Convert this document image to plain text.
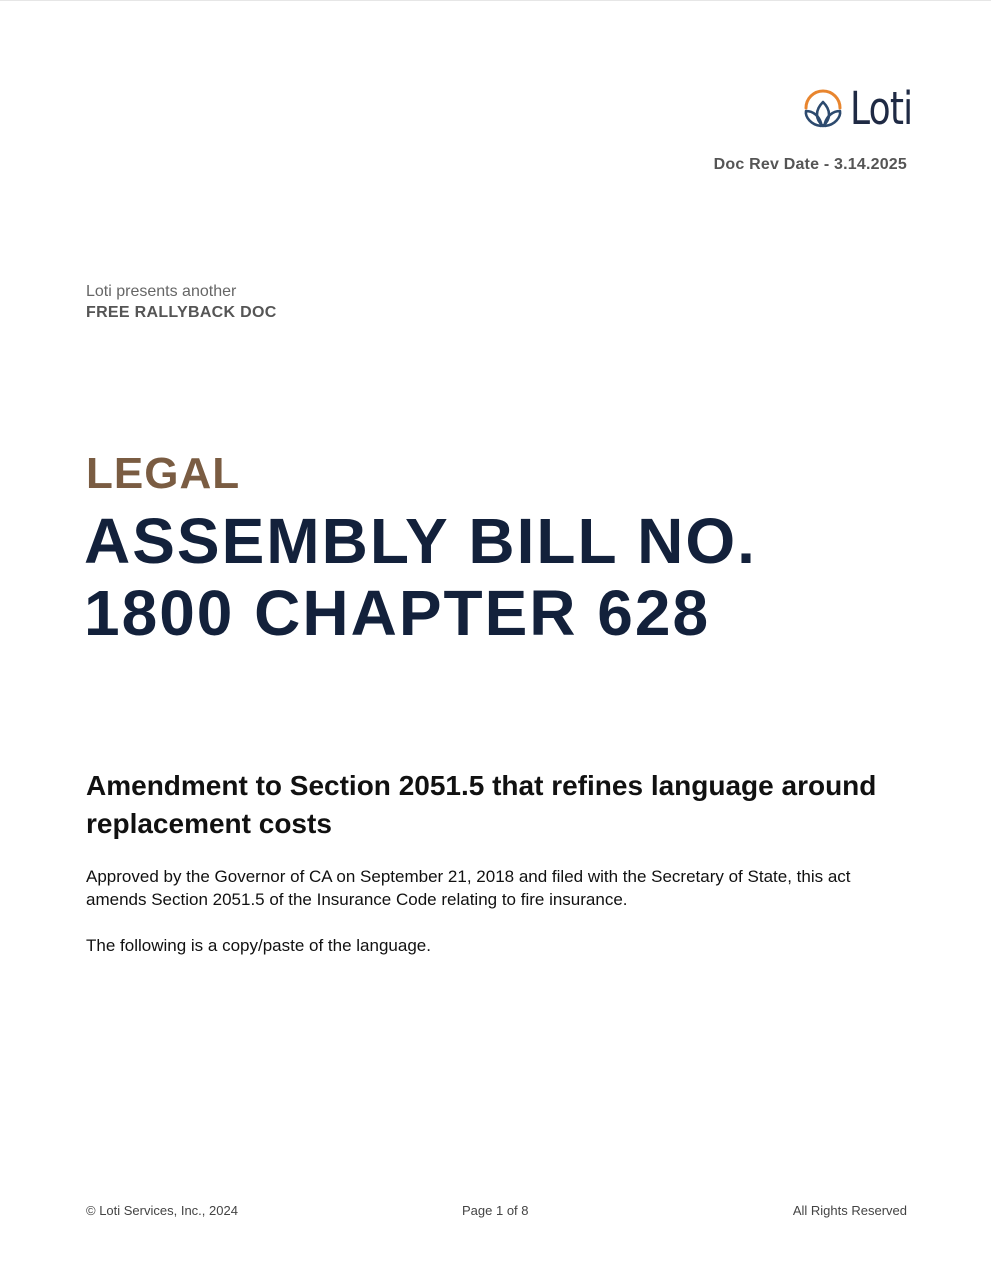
Loti
Doc Rev Date - 3.14.2025
Loti presents another
FREE RALLYBACK DOC
LEGAL
ASSEMBLY BILL NO. 1800 CHAPTER 628
Amendment to Section 2051.5 that refines language around replacement costs
Approved by the Governor of CA on September 21, 2018 and filed with the Secretary of State, this act amends Section 2051.5 of the Insurance Code relating to fire insurance.
The following is a copy/paste of the language.
© Loti Services, Inc., 2024	Page 1 of 8	All Rights Reserved
